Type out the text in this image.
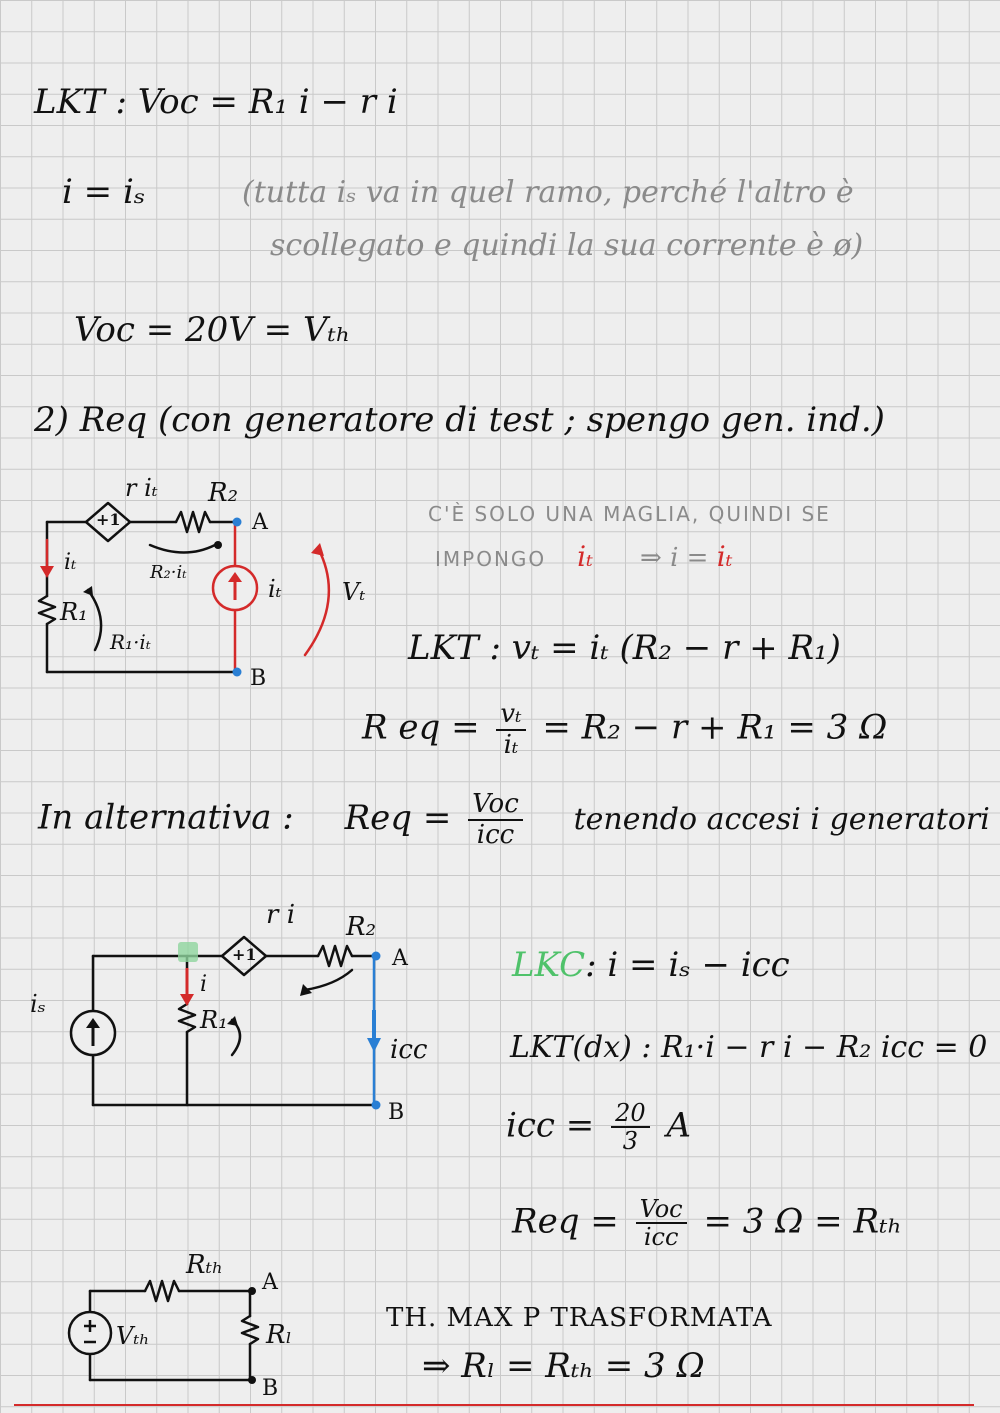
LKT : Voc = R₁ i − r i
i = iₛ	(tutta iₛ va in quel ramo, perché l'altro è
scollegato e quindi la sua corrente è ø)
Voc = 20V = Vₜₕ
2) Req (con generatore di test ; spengo gen. ind.)
C'È SOLO UNA MAGLIA, QUINDI SE
IMPONGO iₜ ⇒ i = iₜ
LKT : vₜ = iₜ (R₂ − r + R₁)
R eq = $\frac{\text{vₜ}}{\text{iₜ}} = R_2 - r + R_1 = 3$ Ω
In alternativa : Req = $\frac{\text{Voc}}{\text{icc}}$ tenendo accesi i generatori
LKC: i = iₛ − icc
LKT(dx) : R₁·i − r i − R₂ icc = 0
icc = $\frac{20}{3}$ A
Req = $\frac{\text{Voc}}{\text{icc}} = 3$ Ω = Rₜₕ
TH. MAX P TRASFORMATA
⇒ Rₗ = Rₜₕ = 3 Ω
+1
r iₜ R₂
A
B
iₜ
R₁
R₂·iₜ
R₁·iₜ
iₜ	Vₜ
+1
r i R₂
A
B
iₛ
i
R₁
icc
Rₜₕ
Vₜₕ
A
B
Rₗ
